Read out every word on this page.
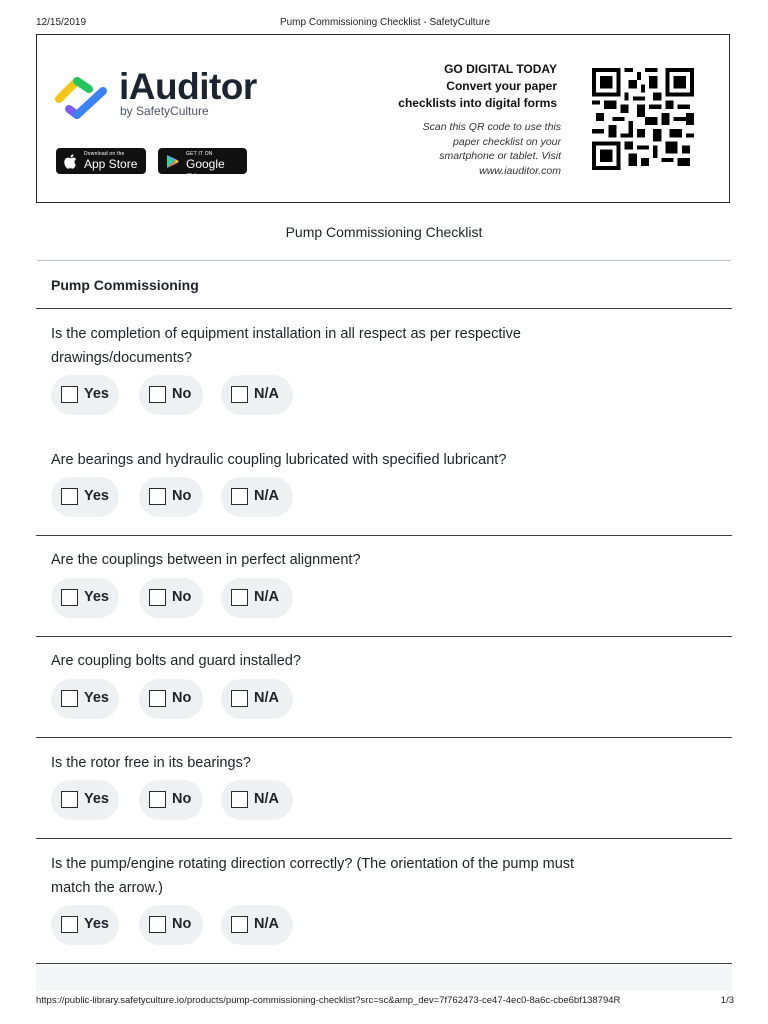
12/15/2019	Pump Commissioning Checklist - SafetyCulture
iAuditor
by SafetyCulture
Download on the
App Store
GET IT ON
Google Play
GO DIGITAL TODAY
Convert your paper
checklists into digital forms
Scan this QR code to use this
paper checklist on your
smartphone or tablet. Visit
www.iauditor.com
Pump Commissioning Checklist
Pump Commissioning
Is the completion of equipment installation in all respect as per respective drawings/documents?
Yes	No	N/A
Are bearings and hydraulic coupling lubricated with specified lubricant?
Yes	No	N/A
Are the couplings between in perfect alignment?
Yes	No	N/A
Are coupling bolts and guard installed?
Yes	No	N/A
Is the rotor free in its bearings?
Yes	No	N/A
Is the pump/engine rotating direction correctly? (The orientation of the pump must match the arrow.)
Yes	No	N/A
https://public-library.safetyculture.io/products/pump-commissioning-checklist?src=sc&amp_dev=7f762473-ce47-4ec0-8a6c-cbe6bf138794R	1/3
